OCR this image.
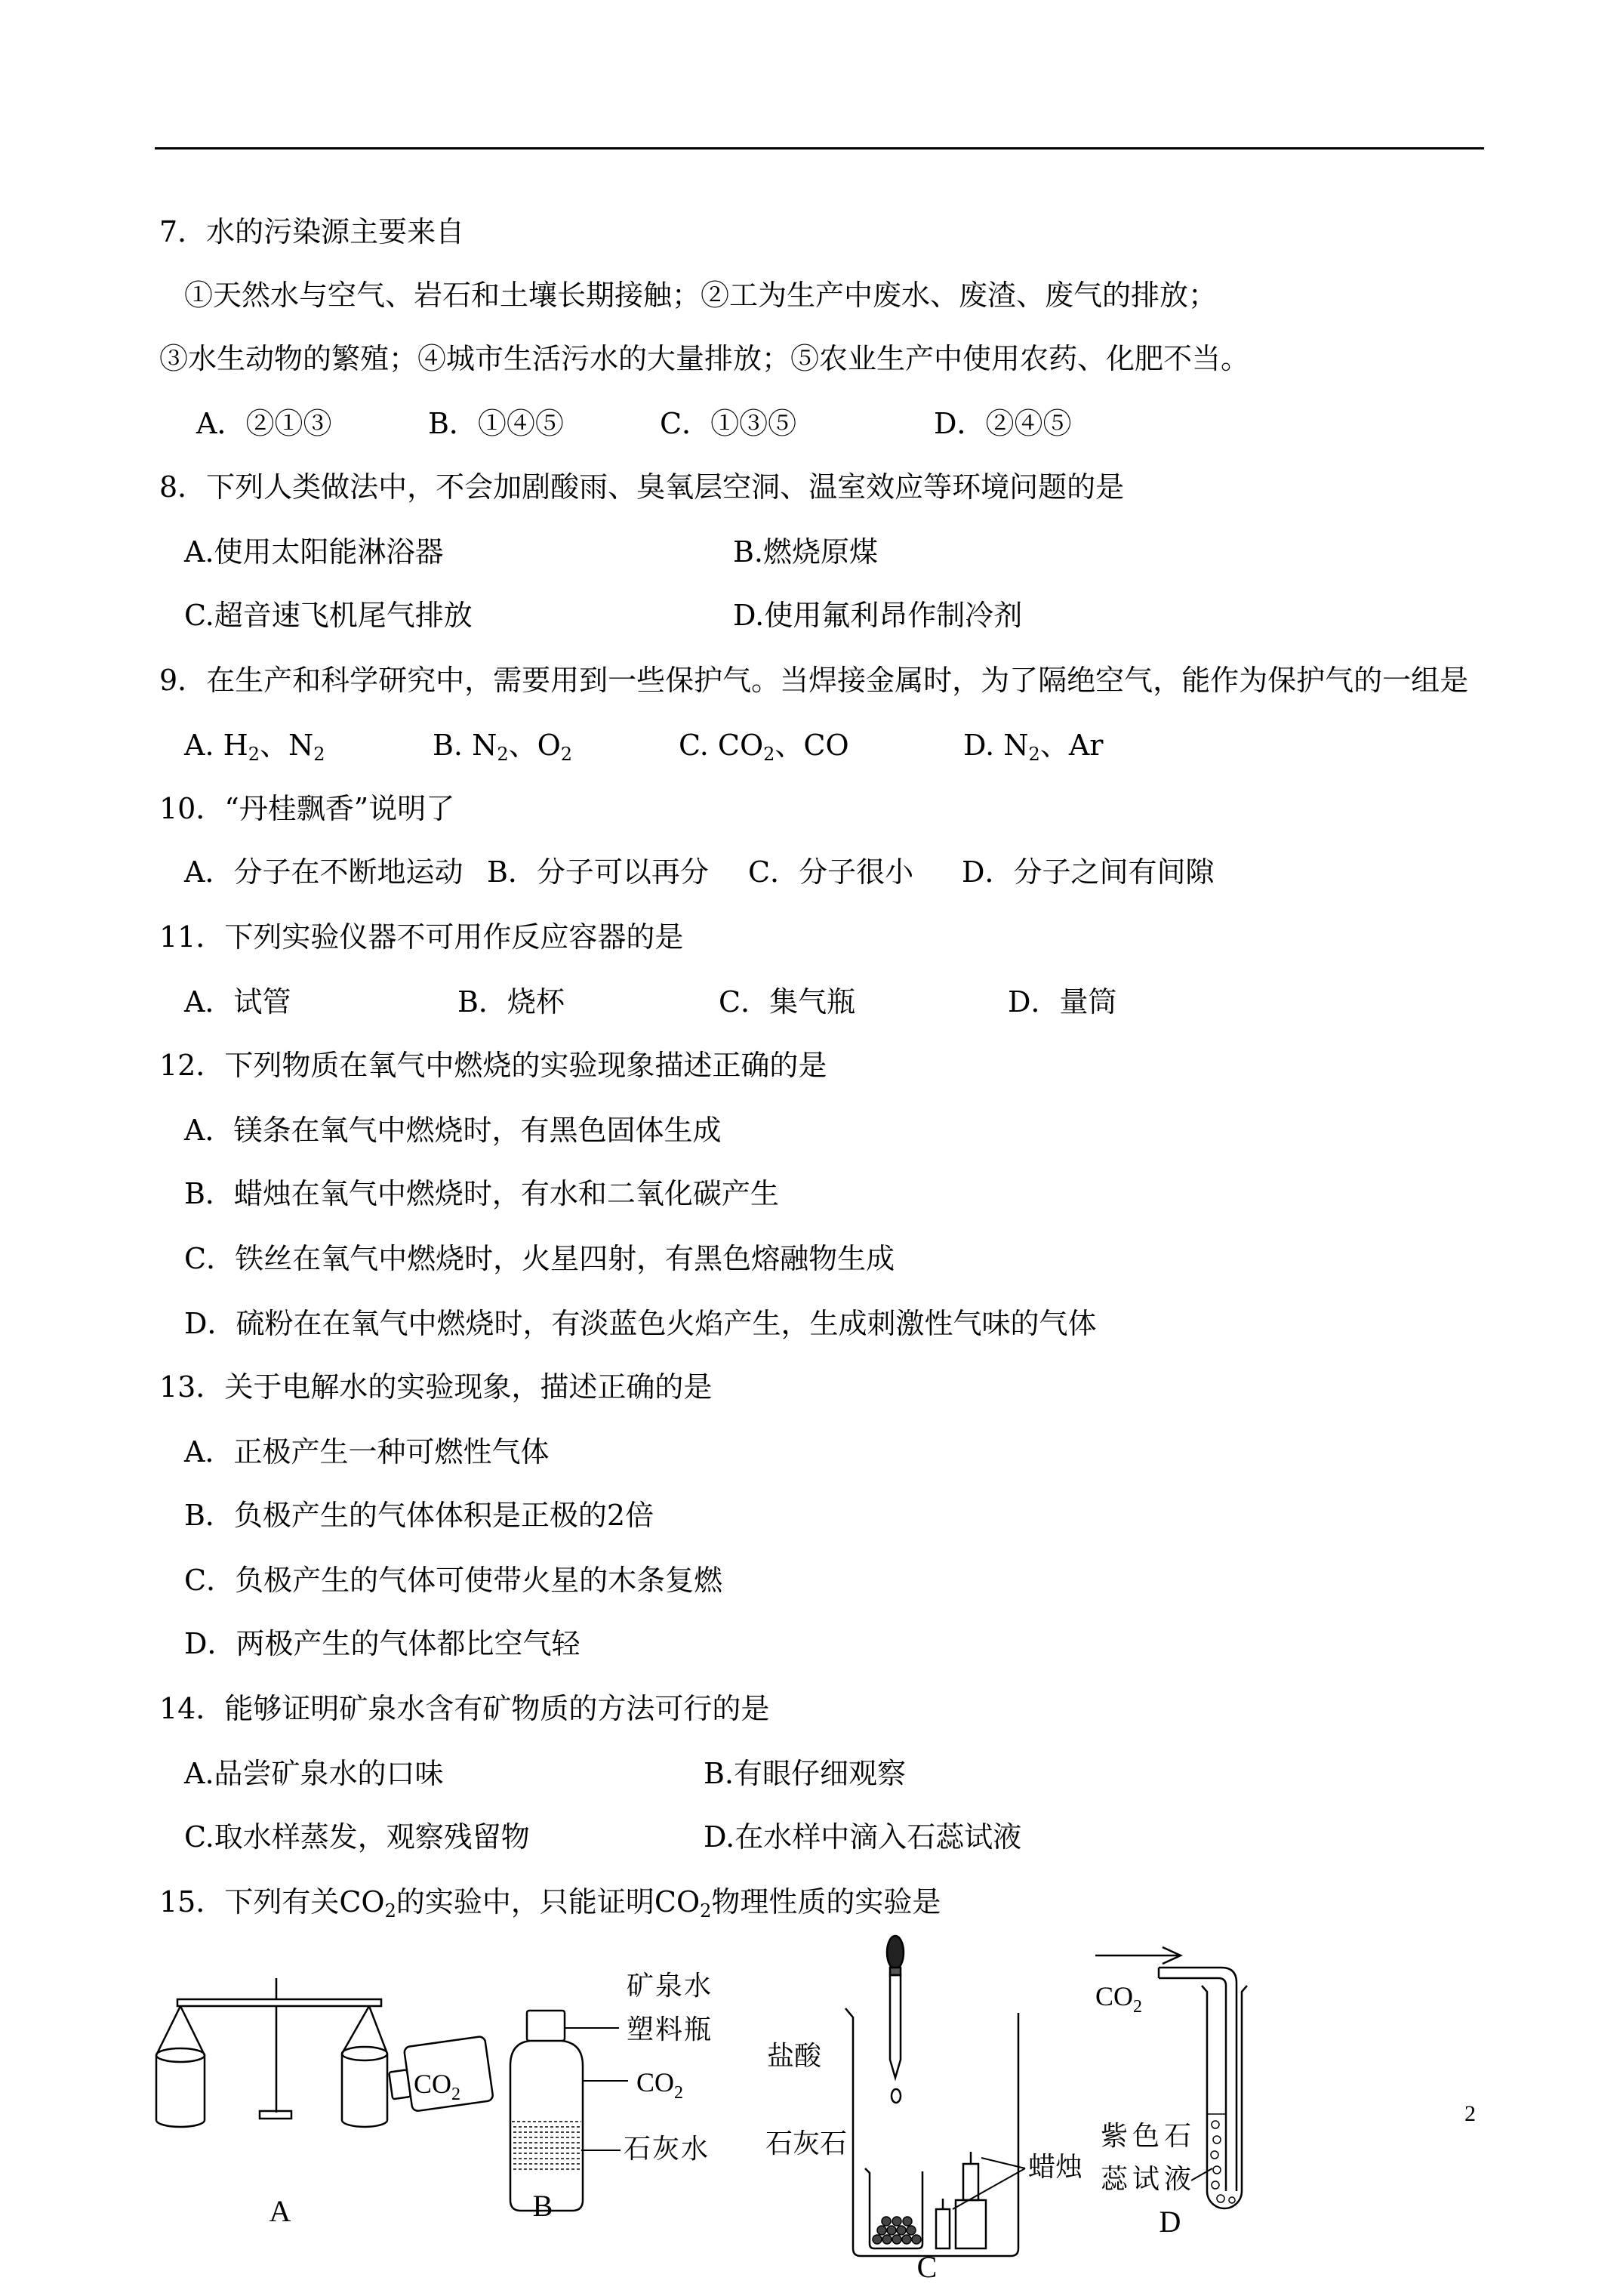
7．水的污染源主要来自
①天然水与空气、岩石和土壤长期接触；②工为生产中废水、废渣、废气的排放；
③水生动物的繁殖；④城市生活污水的大量排放；⑤农业生产中使用农药、化肥不当。
A．②①③	B．①④⑤	C．①③⑤	D．②④⑤
8．下列人类做法中，不会加剧酸雨、臭氧层空洞、温室效应等环境问题的是
A.使用太阳能淋浴器	B.燃烧原煤
C.超音速飞机尾气排放	D.使用氟利昂作制冷剂
9．在生产和科学研究中，需要用到一些保护气。当焊接金属时，为了隔绝空气，能作为保护气的一组是
A. $H_2$、$N_2$	B. $N_2$、$O_2$	C. $CO_2$、CO	D. $N_2$、Ar
10．“丹桂飘香”说明了
A．分子在不断地运动 B．分子可以再分 C．分子很小 D．分子之间有间隙
11．下列实验仪器不可用作反应容器的是
A．试管	B．烧杯	C．集气瓶	D．量筒
12．下列物质在氧气中燃烧的实验现象描述正确的是
A．镁条在氧气中燃烧时，有黑色固体生成
B．蜡烛在氧气中燃烧时，有水和二氧化碳产生
C．铁丝在氧气中燃烧时，火星四射，有黑色熔融物生成
D．硫粉在在氧气中燃烧时，有淡蓝色火焰产生，生成刺激性气味的气体
13．关于电解水的实验现象，描述正确的是
A．正极产生一种可燃性气体
B．负极产生的气体体积是正极的2倍
C．负极产生的气体可使带火星的木条复燃
D．两极产生的气体都比空气轻
14．能够证明矿泉水含有矿物质的方法可行的是
A.品尝矿泉水的口味	B.有眼仔细观察
C.取水样蒸发，观察残留物	D.在水样中滴入石蕊试液
15．下列有关$CO_2$的实验中，只能证明$CO_2$物理性质的实验是
$CO_2$
A
矿泉水
塑料瓶
$CO_2$
石灰水
B
盐酸
石灰石
蜡烛
C
$CO_2$
紫色石
蕊试液
D
2
